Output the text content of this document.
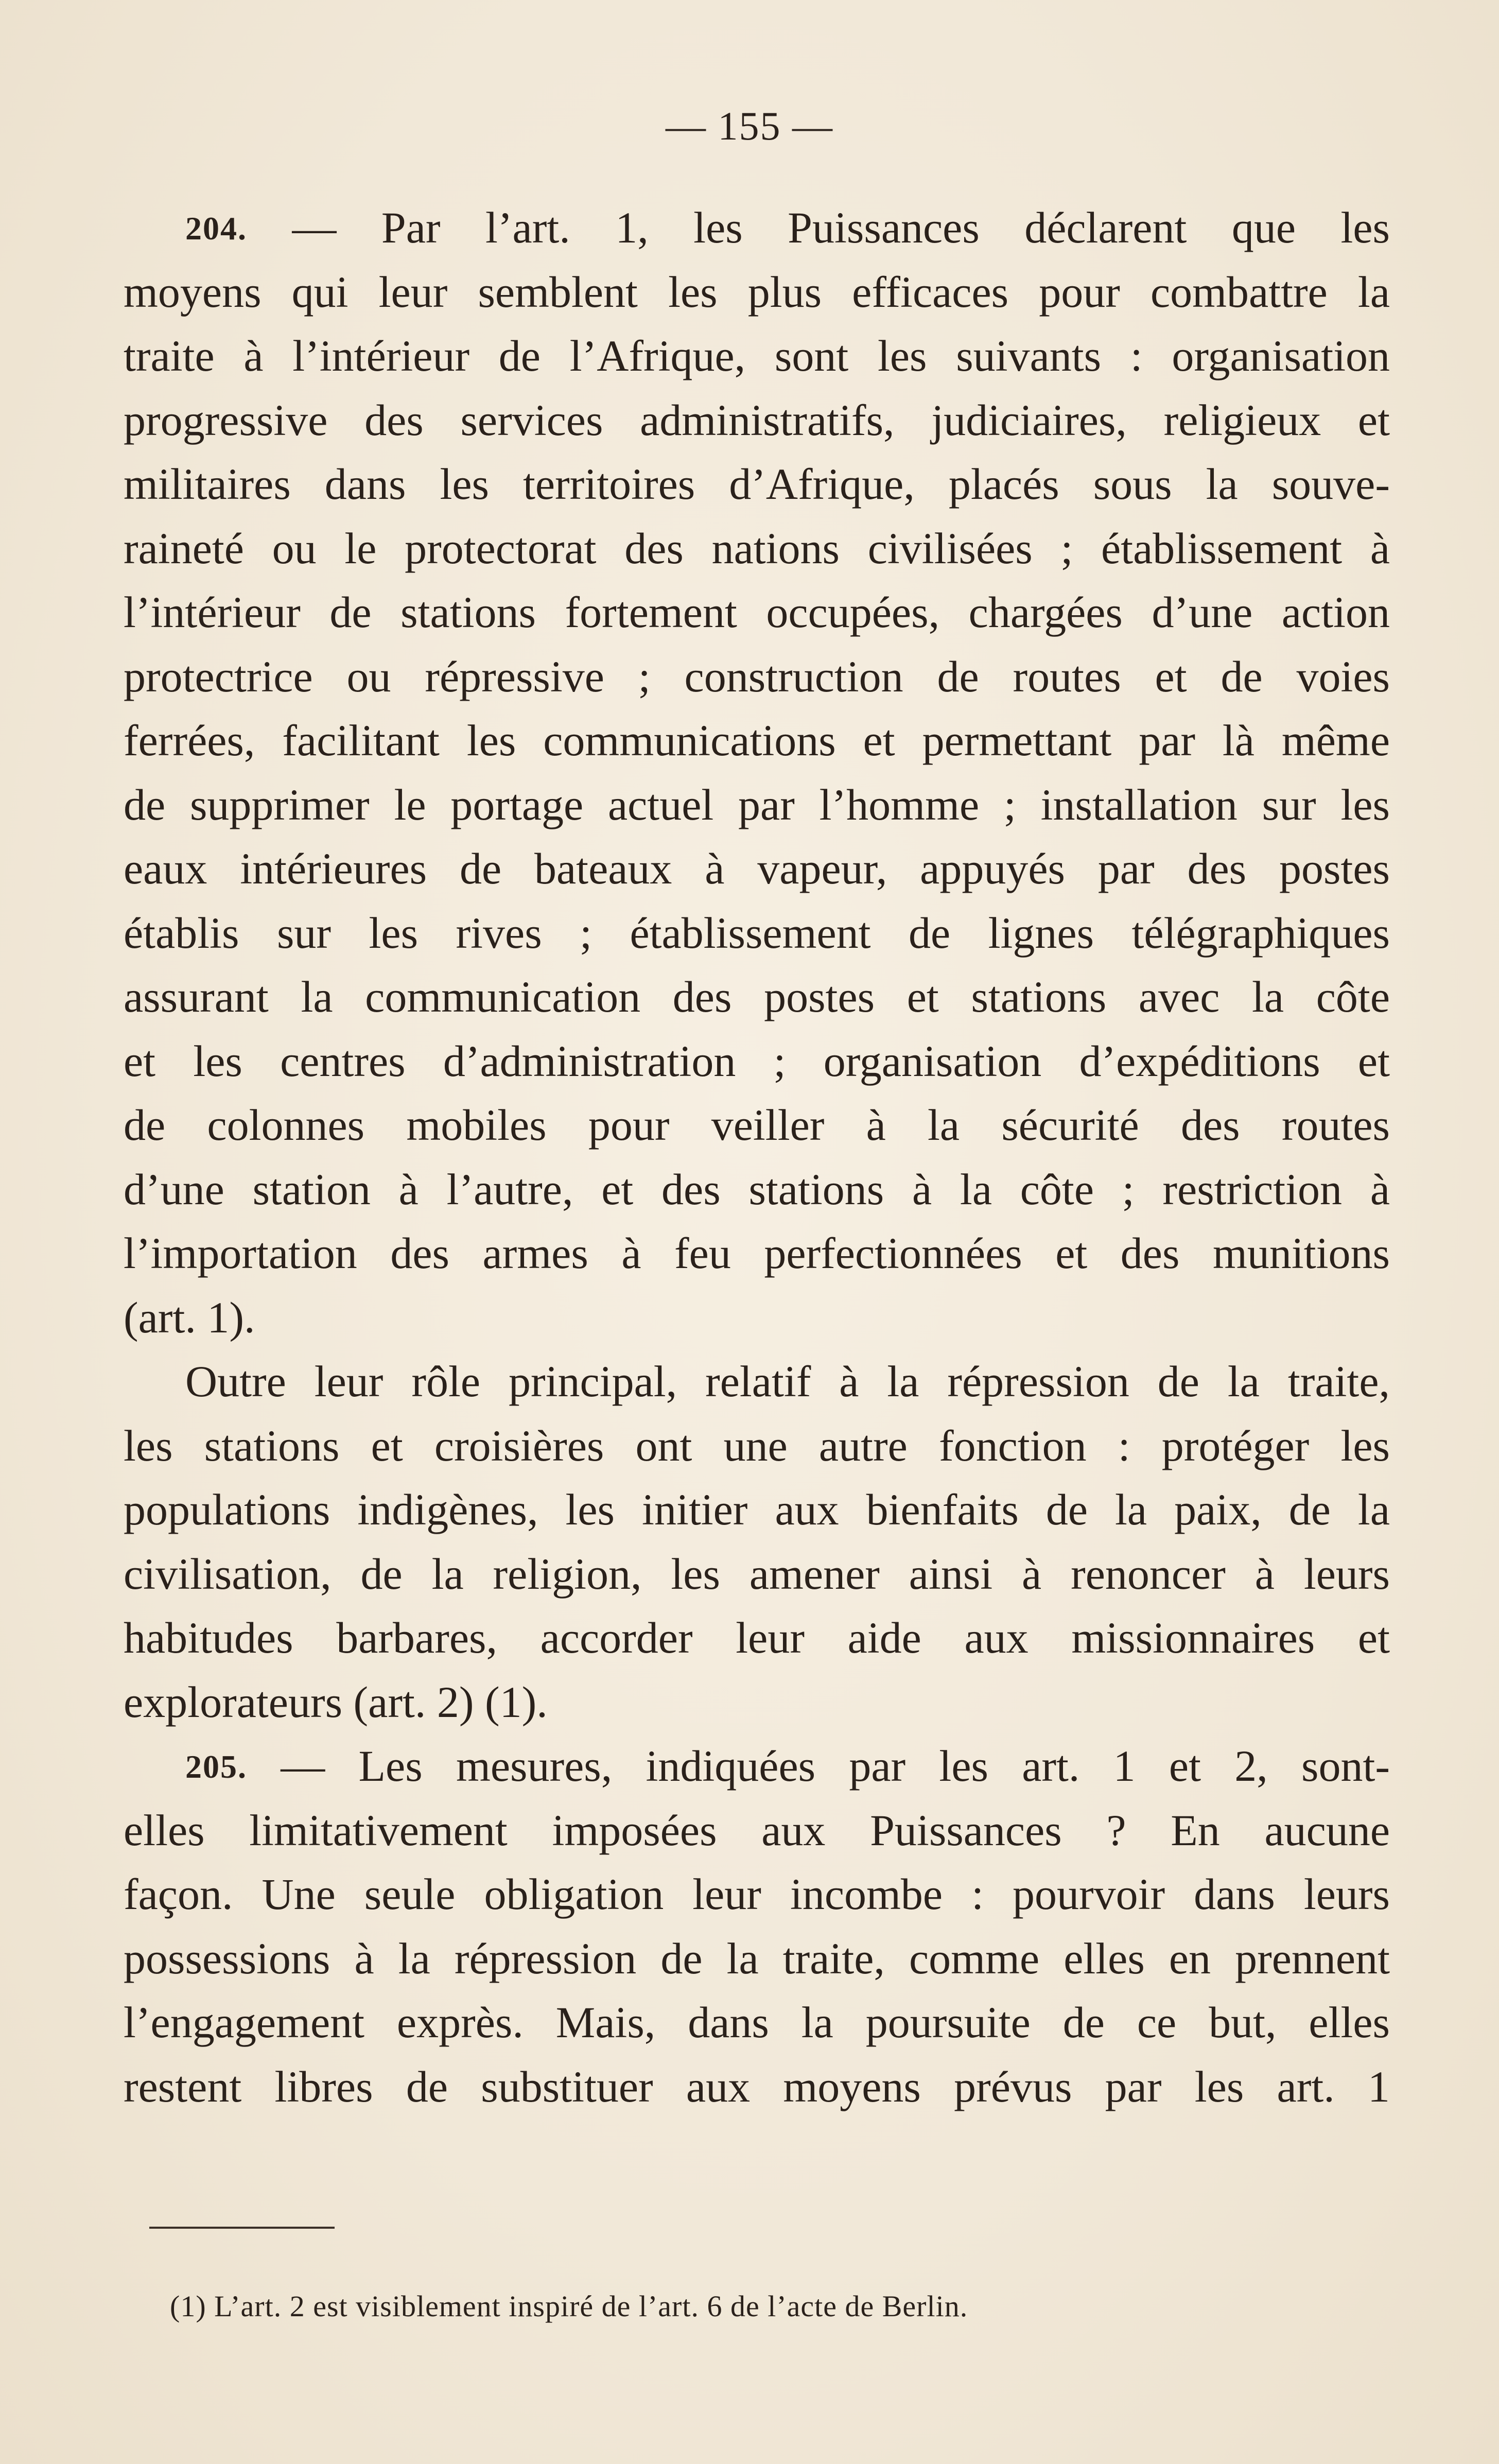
— 155 —
204. — Par l’art. 1, les Puissances déclarent que les
moyens qui leur semblent les plus efficaces pour combattre la
traite à l’intérieur de l’Afrique, sont les suivants : organisation
progressive des services administratifs, judiciaires, religieux et
militaires dans les territoires d’Afrique, placés sous la souve-
raineté ou le protectorat des nations civilisées ; établissement à
l’intérieur de stations fortement occupées, chargées d’une action
protectrice ou répressive ; construction de routes et de voies
ferrées, facilitant les communications et permettant par là même
de supprimer le portage actuel par l’homme ; installation sur les
eaux intérieures de bateaux à vapeur, appuyés par des postes
établis sur les rives ; établissement de lignes télégraphiques
assurant la communication des postes et stations avec la côte
et les centres d’administration ; organisation d’expéditions et
de colonnes mobiles pour veiller à la sécurité des routes
d’une station à l’autre, et des stations à la côte ; restriction à
l’importation des armes à feu perfectionnées et des munitions
(art. 1).
Outre leur rôle principal, relatif à la répression de la traite,
les stations et croisières ont une autre fonction : protéger les
populations indigènes, les initier aux bienfaits de la paix, de la
civilisation, de la religion, les amener ainsi à renoncer à leurs
habitudes barbares, accorder leur aide aux missionnaires et
explorateurs (art. 2) (1).
205. — Les mesures, indiquées par les art. 1 et 2, sont-
elles limitativement imposées aux Puissances ? En aucune
façon. Une seule obligation leur incombe : pourvoir dans leurs
possessions à la répression de la traite, comme elles en prennent
l’engagement exprès. Mais, dans la poursuite de ce but, elles
restent libres de substituer aux moyens prévus par les art. 1
(1) L’art. 2 est visiblement inspiré de l’art. 6 de l’acte de Berlin.
